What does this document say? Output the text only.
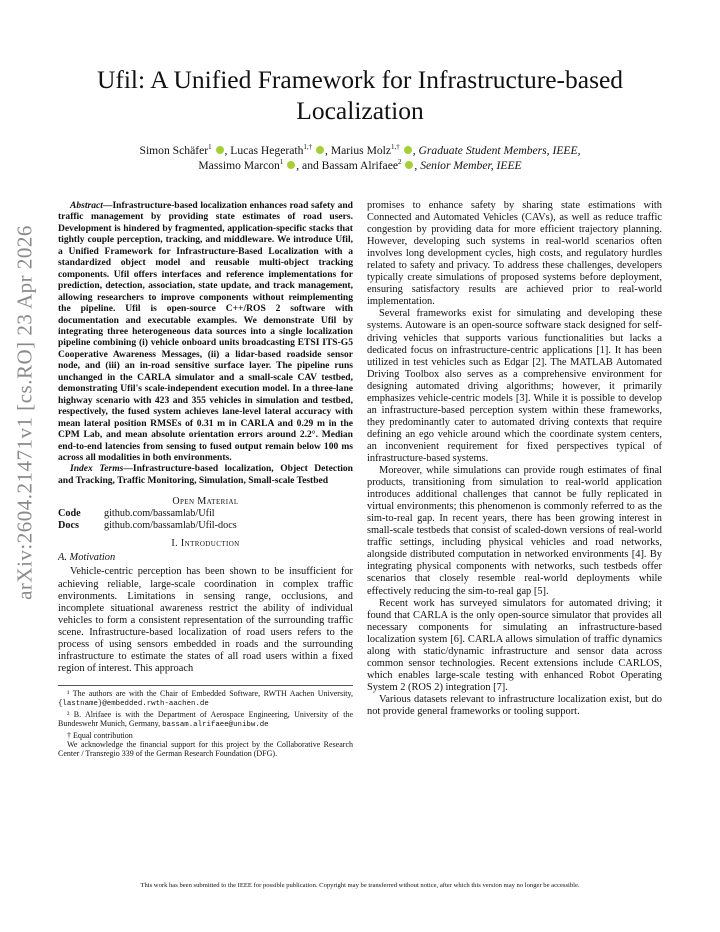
arXiv:2604.21471v1 [cs.RO] 23 Apr 2026
Ufil: A Unified Framework for Infrastructure-based
Localization
Simon Schäfer$^1$ , Lucas Hegerath$^{1,\dagger}$ , Marius Molz$^{1,\dagger}$ , Graduate Student Members, IEEE,
Massimo Marcon$^1$ , and Bassam Alrifaee$^2$ , Senior Member, IEEE

Abstract—Infrastructure-based localization enhances road safety and traffic management by providing state estimates of road users. Development is hindered by fragmented, application-specific stacks that tightly couple perception, tracking, and middleware. We introduce Ufil, a Unified Framework for Infrastructure-Based Localization with a standardized object model and reusable multi-object tracking components. Ufil offers interfaces and reference implementations for prediction, detection, association, state update, and track management, allowing researchers to improve components without reimplementing the pipeline. Ufil is open-source C++/ROS 2 software with documentation and executable examples. We demonstrate Ufil by integrating three heterogeneous data sources into a single localization pipeline combining (i) vehicle onboard units broadcasting ETSI ITS-G5 Cooperative Awareness Messages, (ii) a lidar-based roadside sensor node, and (iii) an in-road sensitive surface layer. The pipeline runs unchanged in the CARLA simulator and a small-scale CAV testbed, demonstrating Ufil's scale-independent execution model. In a three-lane highway scenario with 423 and 355 vehicles in simulation and testbed, respectively, the fused system achieves lane-level lateral accuracy with mean lateral position RMSEs of 0.31 m in CARLA and 0.29 m in the CPM Lab, and mean absolute orientation errors around 2.2°. Median end-to-end latencies from sensing to fused output remain below 100 ms across all modalities in both environments.

Index Terms—Infrastructure-based localization, Object Detection and Tracking, Traffic Monitoring, Simulation, Small-scale Testbed

Open Material
Code	github.com/bassamlab/Ufil
Docs	github.com/bassamlab/Ufil-docs
I. Introduction
A. Motivation

Vehicle-centric perception has been shown to be insufficient for achieving reliable, large-scale coordination in complex traffic environments. Limitations in sensing range, occlusions, and incomplete situational awareness restrict the ability of individual vehicles to form a consistent representation of the surrounding traffic scene. Infrastructure-based localization of road users refers to the process of using sensors embedded in roads and the surrounding infrastructure to estimate the states of all road users within a fixed region of interest. This approach

¹ The authors are with the Chair of Embedded Software, RWTH Aachen University, {lastname}@embedded.rwth-aachen.de

² B. Alrifaee is with the Department of Aerospace Engineering, University of the Bundeswehr Munich, Germany, bassam.alrifaee@unibw.de

† Equal contribution

We acknowledge the financial support for this project by the Collaborative Research Center / Transregio 339 of the German Research Foundation (DFG).

promises to enhance safety by sharing state estimations with Connected and Automated Vehicles (CAVs), as well as reduce traffic congestion by providing data for more efficient trajectory planning. However, developing such systems in real-world scenarios often involves long development cycles, high costs, and regulatory hurdles related to safety and privacy. To address these challenges, developers typically create simulations of proposed systems before deployment, ensuring satisfactory results are achieved prior to real-world implementation.

Several frameworks exist for simulating and developing these systems. Autoware is an open-source software stack designed for self-driving vehicles that supports various functionalities but lacks a dedicated focus on infrastructure-centric applications [1]. It has been utilized in test vehicles such as Edgar [2]. The MATLAB Automated Driving Toolbox also serves as a comprehensive environment for designing automated driving algorithms; however, it primarily emphasizes vehicle-centric models [3]. While it is possible to develop an infrastructure-based perception system within these frameworks, they predominantly cater to automated driving contexts that require defining an ego vehicle around which the coordinate system centers, an inconvenient requirement for fixed perspectives typical of infrastructure-based systems.

Moreover, while simulations can provide rough estimates of final products, transitioning from simulation to real-world application introduces additional challenges that cannot be fully replicated in virtual environments; this phenomenon is commonly referred to as the sim-to-real gap. In recent years, there has been growing interest in small-scale testbeds that consist of scaled-down versions of real-world traffic settings, including physical vehicles and road networks, alongside distributed computation in networked environments [4]. By integrating physical components with networks, such testbeds offer scenarios that closely resemble real-world deployments while effectively reducing the sim-to-real gap [5].

Recent work has surveyed simulators for automated driving; it found that CARLA is the only open-source simulator that provides all necessary components for simulating an infrastructure-based localization system [6]. CARLA allows simulation of traffic dynamics along with static/dynamic infrastructure and sensor data across common sensor technologies. Recent extensions include CARLOS, which enables large-scale testing with enhanced Robot Operating System 2 (ROS 2) integration [7].

Various datasets relevant to infrastructure localization exist, but do not provide general frameworks or tooling support.

This work has been submitted to the IEEE for possible publication. Copyright may be transferred without notice, after which this version may no longer be accessible.
